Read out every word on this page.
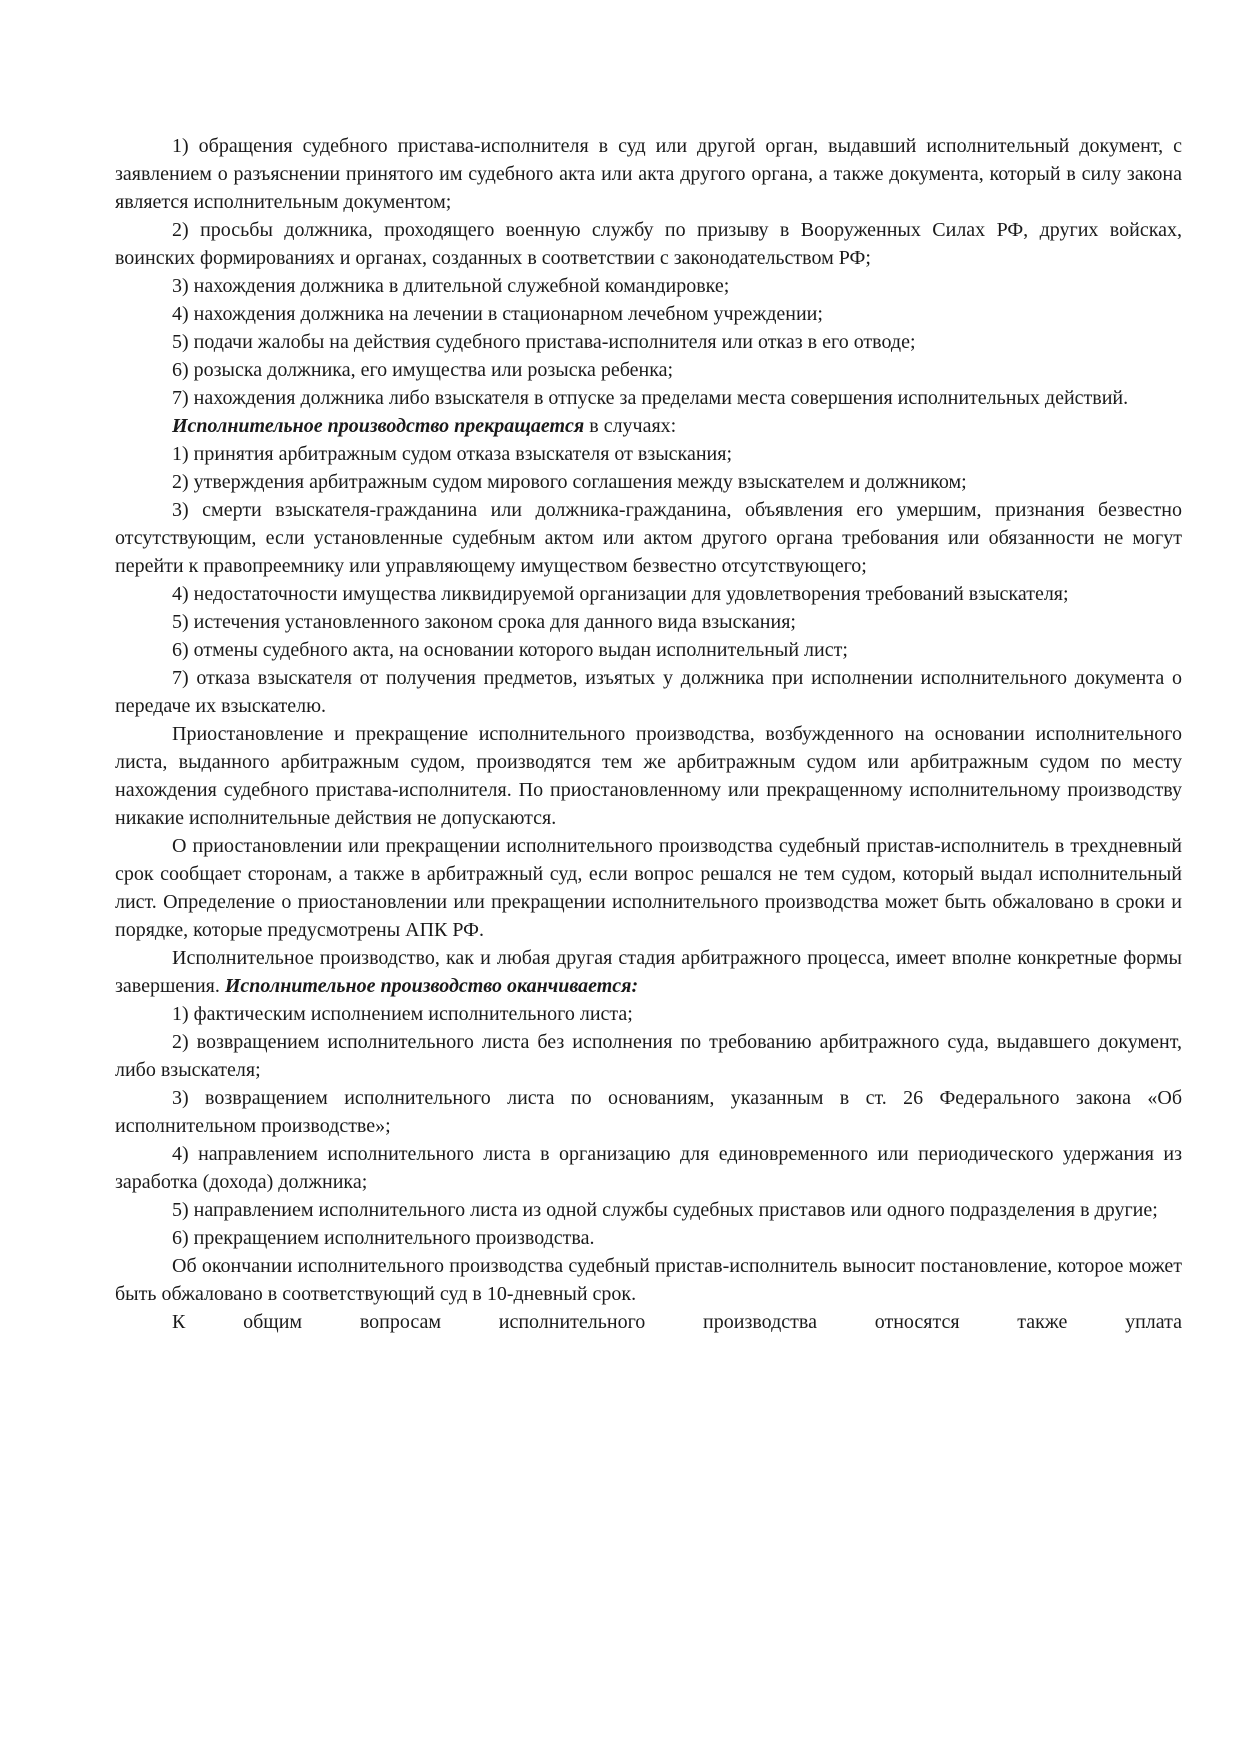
1) обращения судебного пристава-исполнителя в суд или другой орган, выдавший исполнительный документ, с заявлением о разъяснении принятого им судебного акта или акта другого органа, а также документа, который в силу закона является исполнительным документом;

2) просьбы должника, проходящего военную службу по призыву в Вооруженных Силах РФ, других войсках, воинских формированиях и органах, созданных в соответствии с законодательством РФ;

3) нахождения должника в длительной служебной командировке;

4) нахождения должника на лечении в стационарном лечебном учреждении;

5) подачи жалобы на действия судебного пристава-исполнителя или отказ в его отводе;

6) розыска должника, его имущества или розыска ребенка;

7) нахождения должника либо взыскателя в отпуске за пределами места совершения исполнительных действий.

Исполнительное производство прекращается в случаях:

1) принятия арбитражным судом отказа взыскателя от взыскания;

2) утверждения арбитражным судом мирового соглашения между взыскателем и должником;

3) смерти взыскателя-гражданина или должника-гражданина, объявления его умершим, признания безвестно отсутствующим, если установленные судебным актом или актом другого органа требования или обязанности не могут перейти к правопреемнику или управляющему имуществом безвестно отсутствующего;

4) недостаточности имущества ликвидируемой организации для удовлетворения требований взыскателя;

5) истечения установленного законом срока для данного вида взыскания;

6) отмены судебного акта, на основании которого выдан исполнительный лист;

7) отказа взыскателя от получения предметов, изъятых у должника при исполнении исполнительного документа о передаче их взыскателю.

Приостановление и прекращение исполнительного производства, возбужденного на основании исполнительного листа, выданного арбитражным судом, производятся тем же арбитражным судом или арбитражным судом по месту нахождения судебного пристава-исполнителя. По приостановленному или прекращенному исполнительному производству никакие исполнительные действия не допускаются.

О приостановлении или прекращении исполнительного производства судебный пристав-исполнитель в трехдневный срок сообщает сторонам, а также в арбитражный суд, если вопрос решался не тем судом, который выдал исполнительный лист. Определение о приостановлении или прекращении исполнительного производства может быть обжаловано в сроки и порядке, которые предусмотрены АПК РФ.

Исполнительное производство, как и любая другая стадия арбитражного процесса, имеет вполне конкретные формы завершения. Исполнительное производство оканчивается:

1) фактическим исполнением исполнительного листа;

2) возвращением исполнительного листа без исполнения по требованию арбитражного суда, выдавшего документ, либо взыскателя;

3) возвращением исполнительного листа по основаниям, указанным в ст. 26 Федерального закона «Об исполнительном производстве»;

4) направлением исполнительного листа в организацию для единовременного или периодического удержания из заработка (дохода) должника;

5) направлением исполнительного листа из одной службы судебных приставов или одного подразделения в другие;

6) прекращением исполнительного производства.

Об окончании исполнительного производства судебный пристав-исполнитель выносит постановление, которое может быть обжаловано в соответствующий суд в 10-дневный срок.

К общим вопросам исполнительного производства относятся также уплата
